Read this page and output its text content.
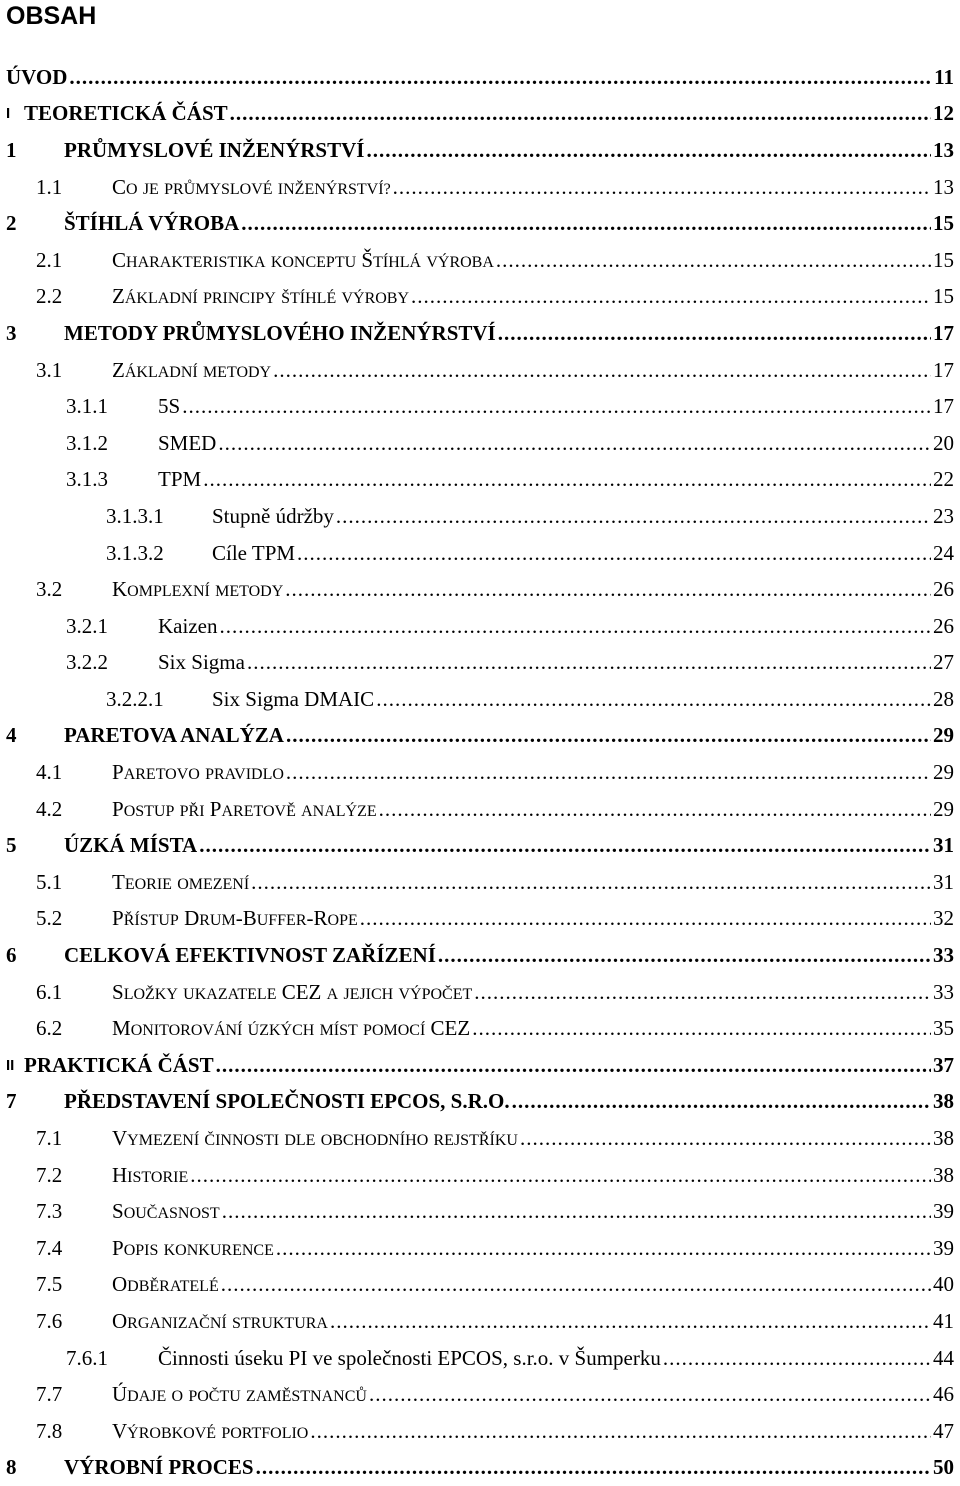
OBSAH
ÚVOD .....	11
I TEORETICKÁ ČÁST .....	12
1	PRŮMYSLOVÉ INŽENÝRSTVÍ .....	13
1.1	CO JE PRŮMYSLOVÉ INŽENÝRSTVÍ? .....	13
2	ŠTÍHLÁ VÝROBA .....	15
2.1	CHARAKTERISTIKA KONCEPTU ŠTÍHLÁ VÝROBA .....	15
2.2	ZÁKLADNÍ PRINCIPY ŠTÍHLÉ VÝROBY .....	15
3	METODY PRŮMYSLOVÉHO INŽENÝRSTVÍ .....	17
3.1	ZÁKLADNÍ METODY .....	17
3.1.1	5S .....	17
3.1.2	SMED .....	20
3.1.3	TPM .....	22
3.1.3.1	Stupně údržby .....	23
3.1.3.2	Cíle TPM .....	24
3.2	KOMPLEXNÍ METODY .....	26
3.2.1	Kaizen .....	26
3.2.2	Six Sigma .....	27
3.2.2.1	Six Sigma DMAIC .....	28
4	PARETOVA ANALÝZA .....	29
4.1	PARETOVO PRAVIDLO .....	29
4.2	POSTUP PŘI PARETOVĚ ANALÝZE .....	29
5	ÚZKÁ MÍSTA .....	31
5.1	TEORIE OMEZENÍ .....	31
5.2	PŘÍSTUP DRUM-BUFFER-ROPE .....	32
6	CELKOVÁ EFEKTIVNOST ZAŘÍZENÍ .....	33
6.1	SLOŽKY UKAZATELE CEZ A JEJICH VÝPOČET .....	33
6.2	MONITOROVÁNÍ ÚZKÝCH MÍST POMOCÍ CEZ .....	35
II PRAKTICKÁ ČÁST .....	37
7	PŘEDSTAVENÍ SPOLEČNOSTI EPCOS, S.R.O. .....	38
7.1	VYMEZENÍ ČINNOSTI DLE OBCHODNÍHO REJSTŘÍKU .....	38
7.2	HISTORIE .....	38
7.3	SOUČASNOST .....	39
7.4	POPIS KONKURENCE .....	39
7.5	ODBĚRATELÉ .....	40
7.6	ORGANIZAČNÍ STRUKTURA .....	41
7.6.1	Činnosti úseku PI ve společnosti EPCOS, s.r.o. v Šumperku .....	44
7.7	ÚDAJE O POČTU ZAMĚSTNANCŮ .....	46
7.8	VÝROBKOVÉ PORTFOLIO .....	47
8	VÝROBNÍ PROCES .....	50
